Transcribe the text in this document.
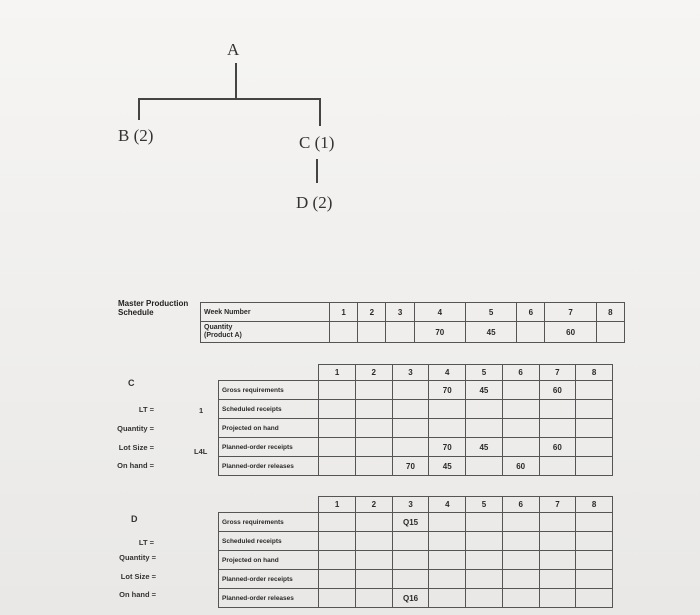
A
B (2)	C (1)
D (2)
Master Production
Schedule	Week Number	1	2	3	4	5	6	7	8

Quantity
(Product A)				70	45		60	
C
LT =	1
Quantity =
Lot Size =	L4L
On hand =
	1	2	3	4	5	6	7	8
Gross requirements				70	45		60	
Scheduled receipts								
Projected on hand								
Planned-order receipts				70	45		60	
Planned-order releases			70	45		60		
D
LT =
Quantity =
Lot Size =
On hand =
	1	2	3	4	5	6	7	8
Gross requirements			Q15					
Scheduled receipts								
Projected on hand								
Planned-order receipts								
Planned-order releases			Q16					
